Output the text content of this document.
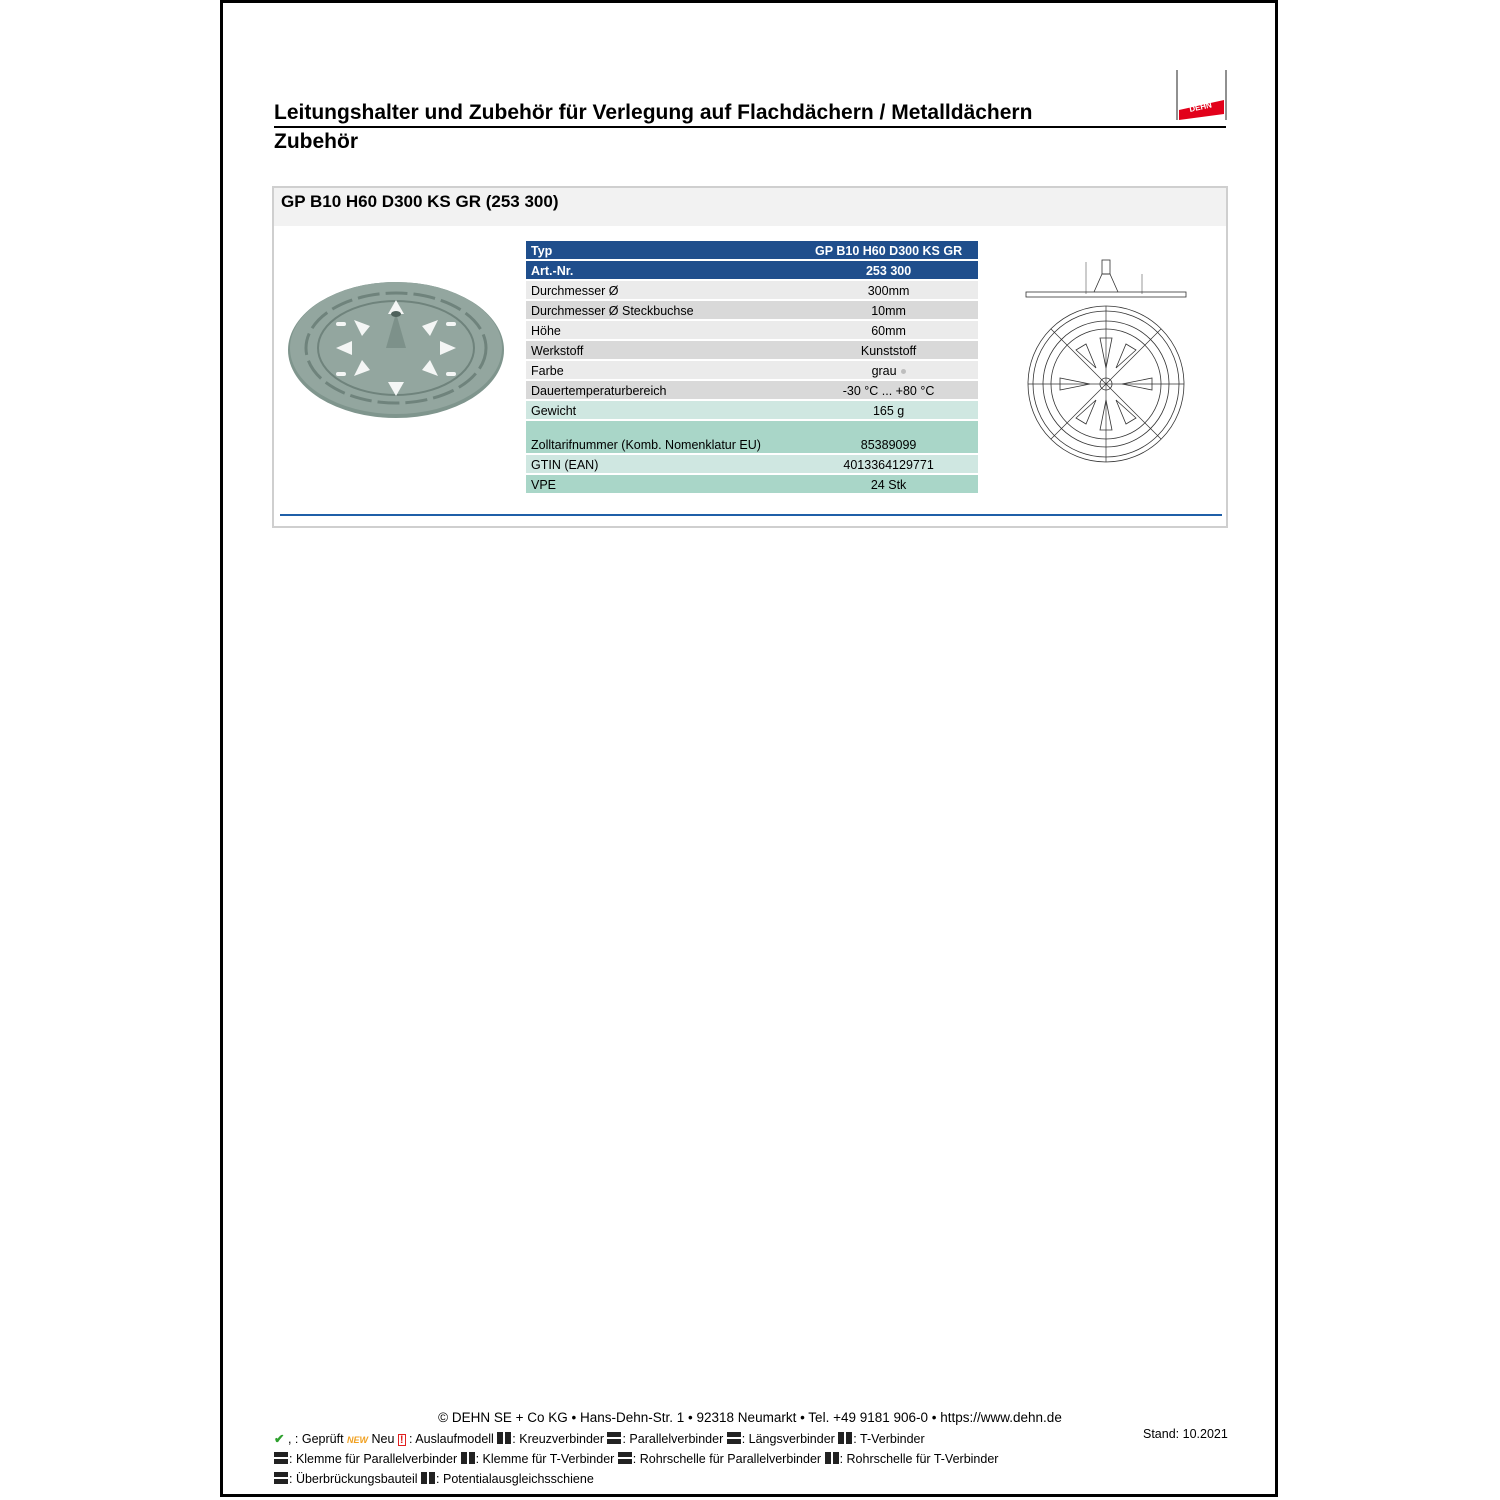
DEHN
Leitungshalter und Zubehör für Verlegung auf Flachdächern / Metalldächern
Zubehör
GP B10 H60 D300 KS GR (253 300)
Typ	GP B10 H60 D300 KS GR
Art.-Nr.	253 300
Durchmesser Ø	300mm
Durchmesser Ø Steckbuchse	10mm
Höhe	60mm
Werkstoff	Kunststoff
Farbe	grau
Dauertemperaturbereich	-30 °C ... +80 °C
Gewicht	165 g
Zolltarifnummer (Komb. Nomenklatur EU)	85389099
GTIN (EAN)	4013364129771
VPE	24 Stk
© DEHN SE + Co KG • Hans-Dehn-Str. 1 • 92318 Neumarkt • Tel. +49 9181 906-0 • https://www.dehn.de
Stand: 10.2021
✔ , : Geprüft NEW Neu ! : Auslaufmodell : Kreuzverbinder : Parallelverbinder : Längsverbinder : T-Verbinder
: Klemme für Parallelverbinder : Klemme für T-Verbinder : Rohrschelle für Parallelverbinder : Rohrschelle für T-Verbinder
: Überbrückungsbauteil : Potentialausgleichsschiene
